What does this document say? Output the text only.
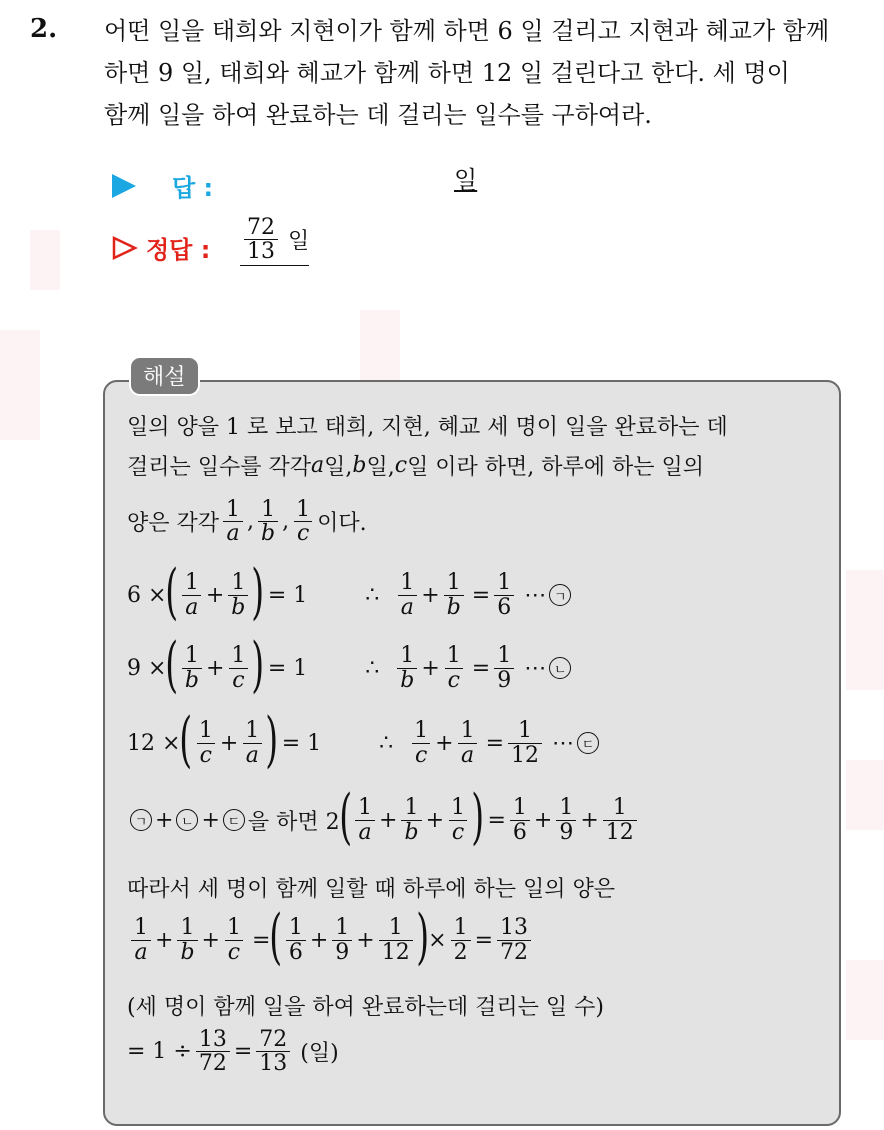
2. 어떤 일을 태희와 지현이가 함께 하면 6 일 걸리고 지현과 혜교가 함께
하면 9 일, 태희와 혜교가 함께 하면 12 일 걸린다고 한다. 세 명이
함께 일을 하여 완료하는 데 걸리는 일수를 구하여라.
답 :	일
정답 : $\frac{72}{13}$ 일
해설
일의 양을 1 로 보고 태희, 지현, 혜교 세 명이 일을 완료하는 데
걸리는 일수를 각각 a 일, b 일, c 일 이라 하면, 하루에 하는 일의
양은 각각 $\frac{1}{a}$ , $\frac{1}{b}$ , $\frac{1}{c}$ 이다.
6 × ( $\frac{1}{a} + \frac{1}{b}$ ) = 1	∴ $\frac{1}{a} + \frac{1}{b} = \frac{1}{6}$ ⋯ ㄱ
9 × ( $\frac{1}{b} + \frac{1}{c}$ ) = 1	∴ $\frac{1}{b} + \frac{1}{c} = \frac{1}{9}$ ⋯ ㄴ
12 × ( $\frac{1}{c} + \frac{1}{a}$ ) = 1	∴ $\frac{1}{c} + \frac{1}{a} = \frac{1}{12}$ ⋯ ㄷ
ㄱ + ㄴ + ㄷ 을 하면 2 ( $\frac{1}{a} + \frac{1}{b} + \frac{1}{c}$ ) = $\frac{1}{6} + \frac{1}{9} + \frac{1}{12}$
따라서 세 명이 함께 일할 때 하루에 하는 일의 양은
$\frac{1}{a} + \frac{1}{b} + \frac{1}{c}$ = ( $\frac{1}{6} + \frac{1}{9} + \frac{1}{12}$ ) × $\frac{1}{2} = \frac{13}{72}$
(세 명이 함께 일을 하여 완료하는데 걸리는 일 수)
= $1 \div \frac{13}{72} = \frac{72}{13}$ (일)
